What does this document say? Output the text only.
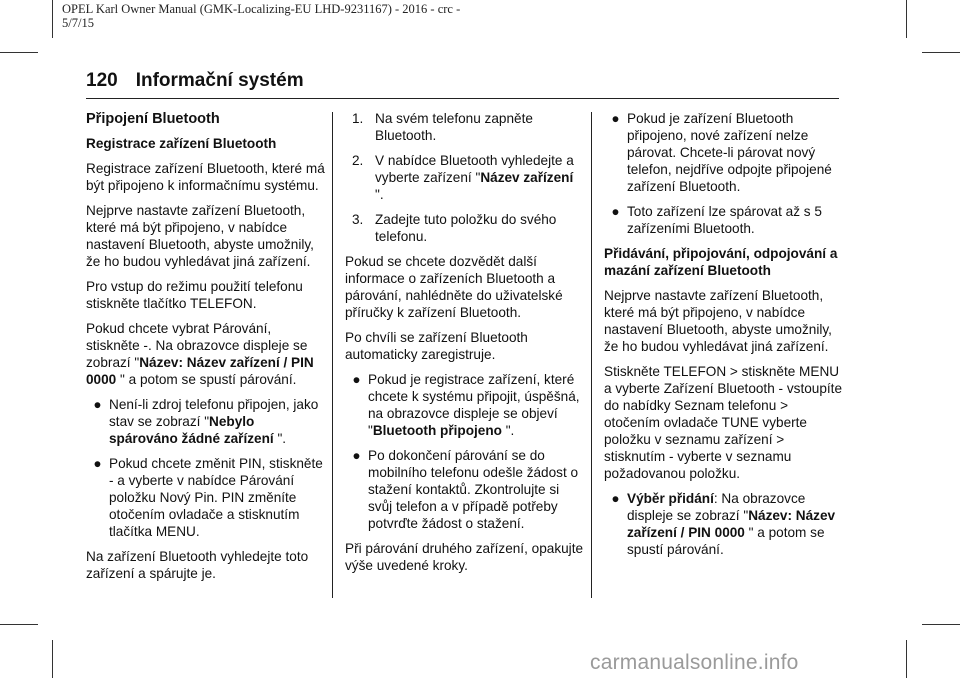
OPEL Karl Owner Manual (GMK-Localizing-EU LHD-9231167) - 2016 - crc -
5/7/15
120 Informační systém
Připojení Bluetooth
Registrace zařízení Bluetooth

Registrace zařízení Bluetooth, které má být připojeno k informačnímu systému.

Nejprve nastavte zařízení Bluetooth, které má být připojeno, v nabídce nastavení Bluetooth, abyste umožnily, že ho budou vyhledávat jiná zařízení.

Pro vstup do režimu použití telefonu stiskněte tlačítko TELEFON.

Pokud chcete vybrat Párování, stiskněte -. Na obrazovce displeje se zobrazí "Název: Název zařízení / PIN 0000 " a potom se spustí párování.

● Není-li zdroj telefonu připojen, jako stav se zobrazí "Nebylo spárováno žádné zařízení ".
● Pokud chcete změnit PIN, stiskněte - a vyberte v nabídce Párování položku Nový Pin. PIN změníte otočením ovladače a stisknutím tlačítka MENU.

Na zařízení Bluetooth vyhledejte toto zařízení a spárujte je.

1. Na svém telefonu zapněte Bluetooth.
2. V nabídce Bluetooth vyhledejte a vyberte zařízení "Název zařízení ".
3. Zadejte tuto položku do svého telefonu.

Pokud se chcete dozvědět další informace o zařízeních Bluetooth a párování, nahlédněte do uživatelské příručky k zařízení Bluetooth.

Po chvíli se zařízení Bluetooth automaticky zaregistruje.

● Pokud je registrace zařízení, které chcete k systému připojit, úspěšná, na obrazovce displeje se objeví "Bluetooth připojeno ".
● Po dokončení párování se do mobilního telefonu odešle žádost o stažení kontaktů. Zkontrolujte si svůj telefon a v případě potřeby potvrďte žádost o stažení.

Při párování druhého zařízení, opakujte výše uvedené kroky.

● Pokud je zařízení Bluetooth připojeno, nové zařízení nelze párovat. Chcete-li párovat nový telefon, nejdříve odpojte připojené zařízení Bluetooth.
● Toto zařízení lze spárovat až s 5 zařízeními Bluetooth.
Přidávání, připojování, odpojování a mazání zařízení Bluetooth

Nejprve nastavte zařízení Bluetooth, které má být připojeno, v nabídce nastavení Bluetooth, abyste umožnily, že ho budou vyhledávat jiná zařízení.

Stiskněte TELEFON > stiskněte MENU a vyberte Zařízení Bluetooth - vstoupíte do nabídky Seznam telefonu > otočením ovladače TUNE vyberte položku v seznamu zařízení > stisknutím - vyberte v seznamu požadovanou položku.

● Výběr přidání: Na obrazovce displeje se zobrazí "Název: Název zařízení / PIN 0000 " a potom se spustí párování.
carmanualsonline.info
